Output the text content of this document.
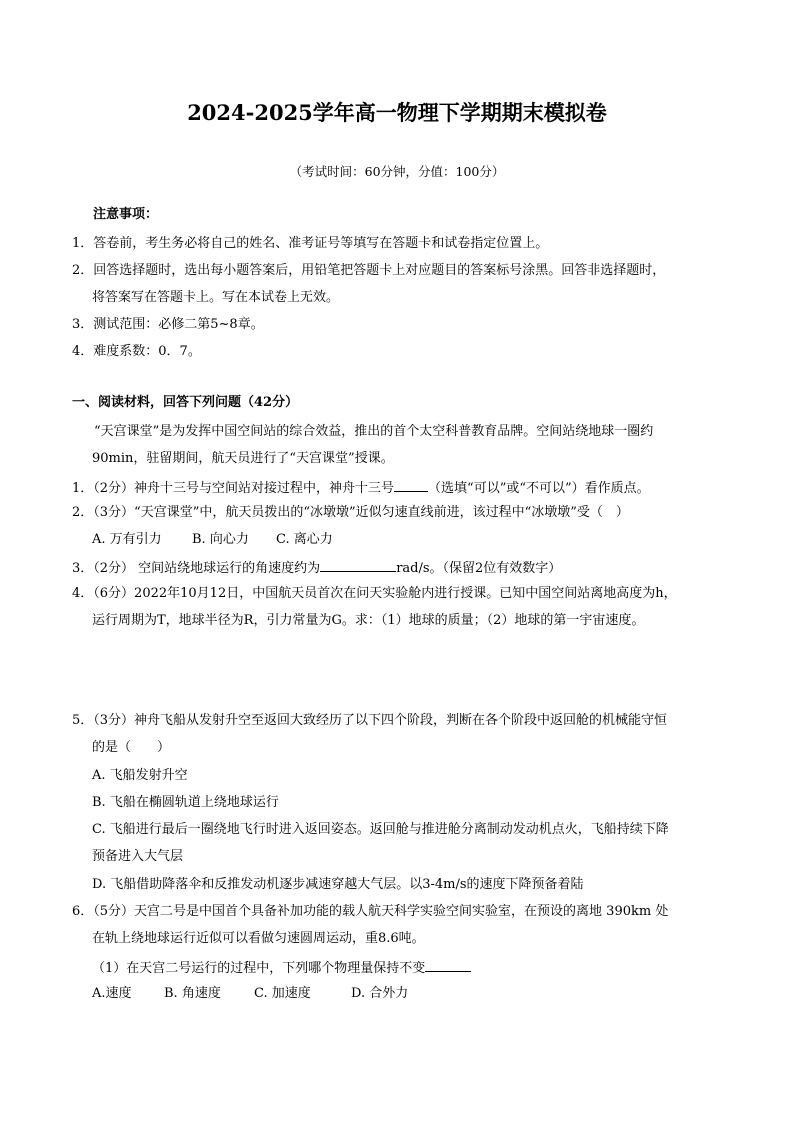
2024-2025学年高一物理下学期期末模拟卷
（考试时间：60分钟，分值：100分）
注意事项：
1．答卷前，考生务必将自己的姓名、准考证号等填写在答题卡和试卷指定位置上。
2．回答选择题时，选出每小题答案后，用铅笔把答题卡上对应题目的答案标号涂黑。回答非选择题时，
将答案写在答题卡上。写在本试卷上无效。
3．测试范围：必修二第5~8章。
4．难度系数：0．7。
一、阅读材料，回答下列问题（42分）
“天宫课堂”是为发挥中国空间站的综合效益，推出的首个太空科普教育品牌。空间站绕地球一圈约
90min，驻留期间，航天员进行了“天宫课堂”授课。
1．（2分）神舟十三号与空间站对接过程中，神舟十三号	（选填“可以”或“不可以”）看作质点。
2．（3分）“天宫课堂”中，航天员拨出的“冰墩墩”近似匀速直线前进，该过程中“冰墩墩”受（　）
A. 万有引力 B. 向心力 C. 离心力
3．（2分） 空间站绕地球运行的角速度约为	rad/s。（保留2位有效数字）
4．（6分）2022年10月12日，中国航天员首次在问天实验舱内进行授课。已知中国空间站离地高度为h，
运行周期为T，地球半径为R，引力常量为G。求：（1）地球的质量；（2）地球的第一宇宙速度。
5．（3分）神舟飞船从发射升空至返回大致经历了以下四个阶段，判断在各个阶段中返回舱的机械能守恒
的是（　　）
A. 飞船发射升空
B. 飞船在椭圆轨道上绕地球运行
C. 飞船进行最后一圈绕地飞行时进入返回姿态。返回舱与推进舱分离制动发动机点火，飞船持续下降
预备进入大气层
D. 飞船借助降落伞和反推发动机逐步减速穿越大气层。以3-4m/s的速度下降预备着陆
6．（5分）天宫二号是中国首个具备补加功能的载人航天科学实验空间实验室，在预设的离地 390km 处
在轨上绕地球运行近似可以看做匀速圆周运动，重8.6吨。
（1）在天宫二号运行的过程中，下列哪个物理量保持不变
A.速度 B. 角速度	C. 加速度	D. 合外力
